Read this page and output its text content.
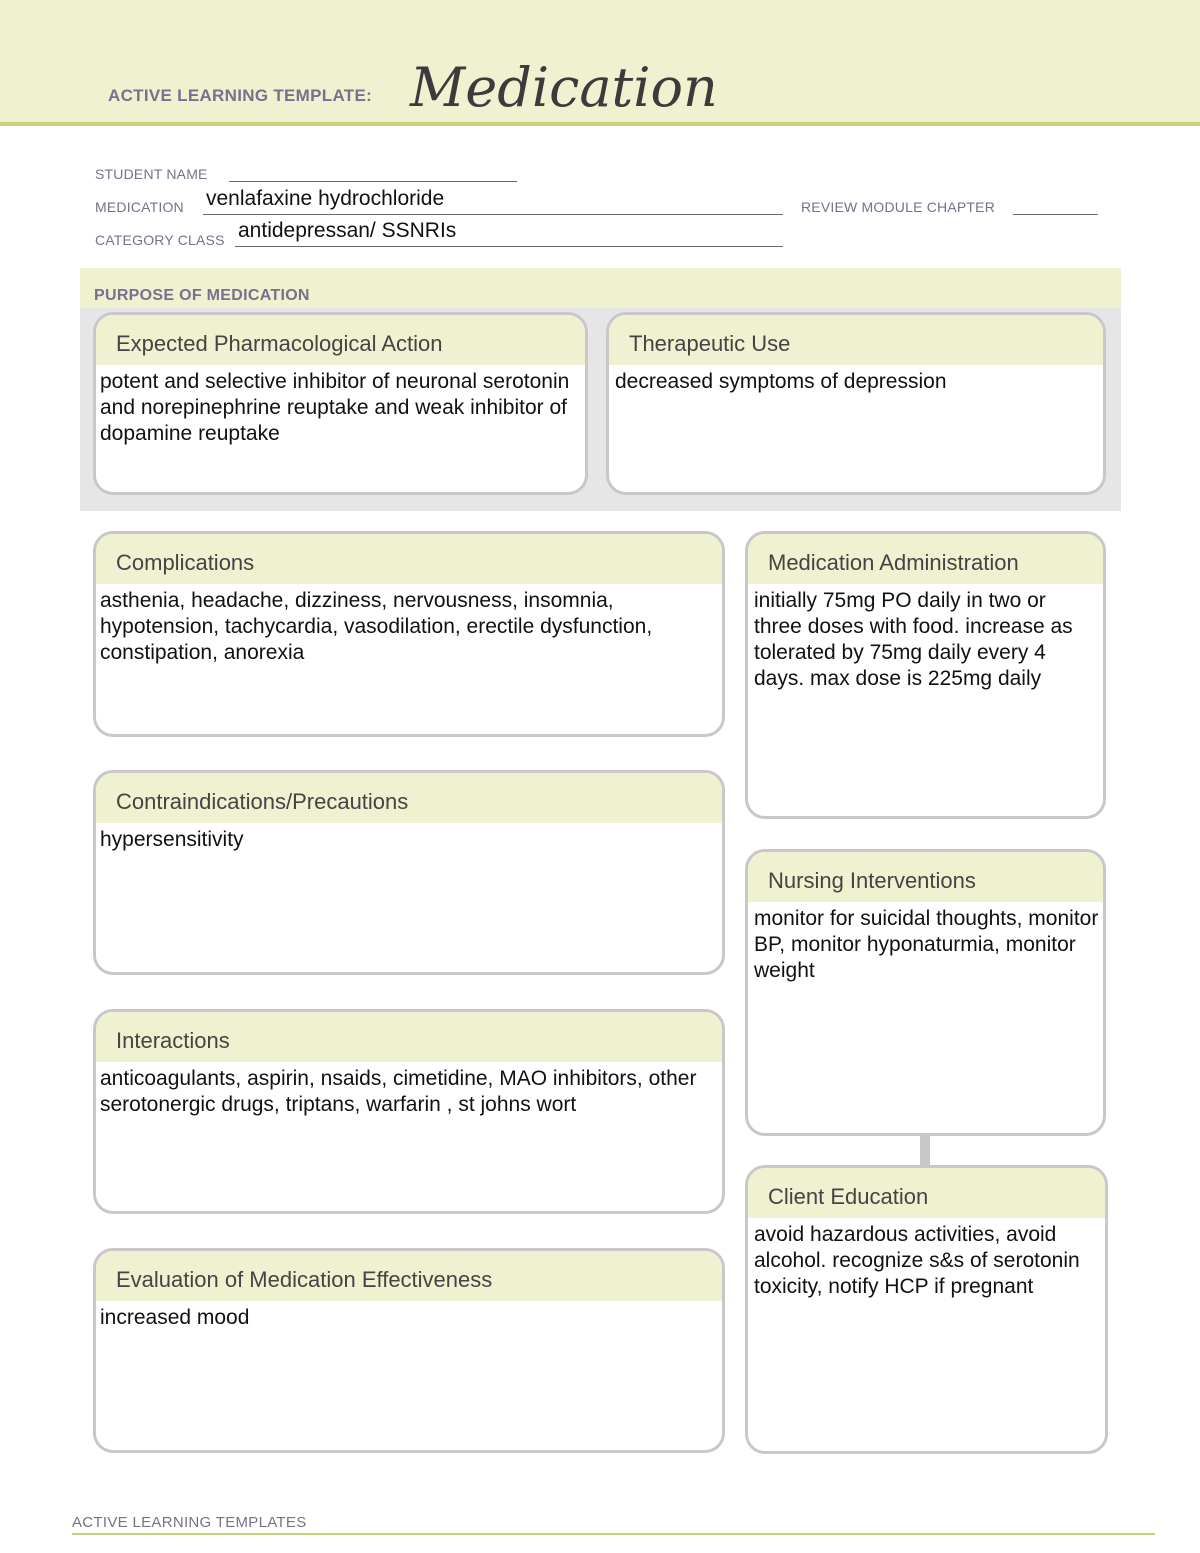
ACTIVE LEARNING TEMPLATE: Medication
STUDENT NAME
MEDICATION venlafaxine hydrochloride	REVIEW MODULE CHAPTER
CATEGORY CLASS antidepressan/ SSNRIs
PURPOSE OF MEDICATION
Expected Pharmacological Action
potent and selective inhibitor of neuronal serotonin and norepinephrine reuptake and weak inhibitor of dopamine reuptake
Therapeutic Use
decreased symptoms of depression
Complications
asthenia, headache, dizziness, nervousness, insomnia, hypotension, tachycardia, vasodilation, erectile dysfunction, constipation, anorexia
Contraindications/Precautions
hypersensitivity
Interactions
anticoagulants, aspirin, nsaids, cimetidine, MAO inhibitors, other serotonergic drugs, triptans, warfarin , st johns wort
Evaluation of Medication Effectiveness
increased mood
Medication Administration
initially 75mg PO daily in two or three doses with food. increase as tolerated by 75mg daily every 4 days. max dose is 225mg daily
Nursing Interventions
monitor for suicidal thoughts, monitor BP, monitor hyponaturmia, monitor weight
Client Education
avoid hazardous activities, avoid alcohol. recognize s&s of serotonin toxicity, notify HCP if pregnant
ACTIVE LEARNING TEMPLATES
